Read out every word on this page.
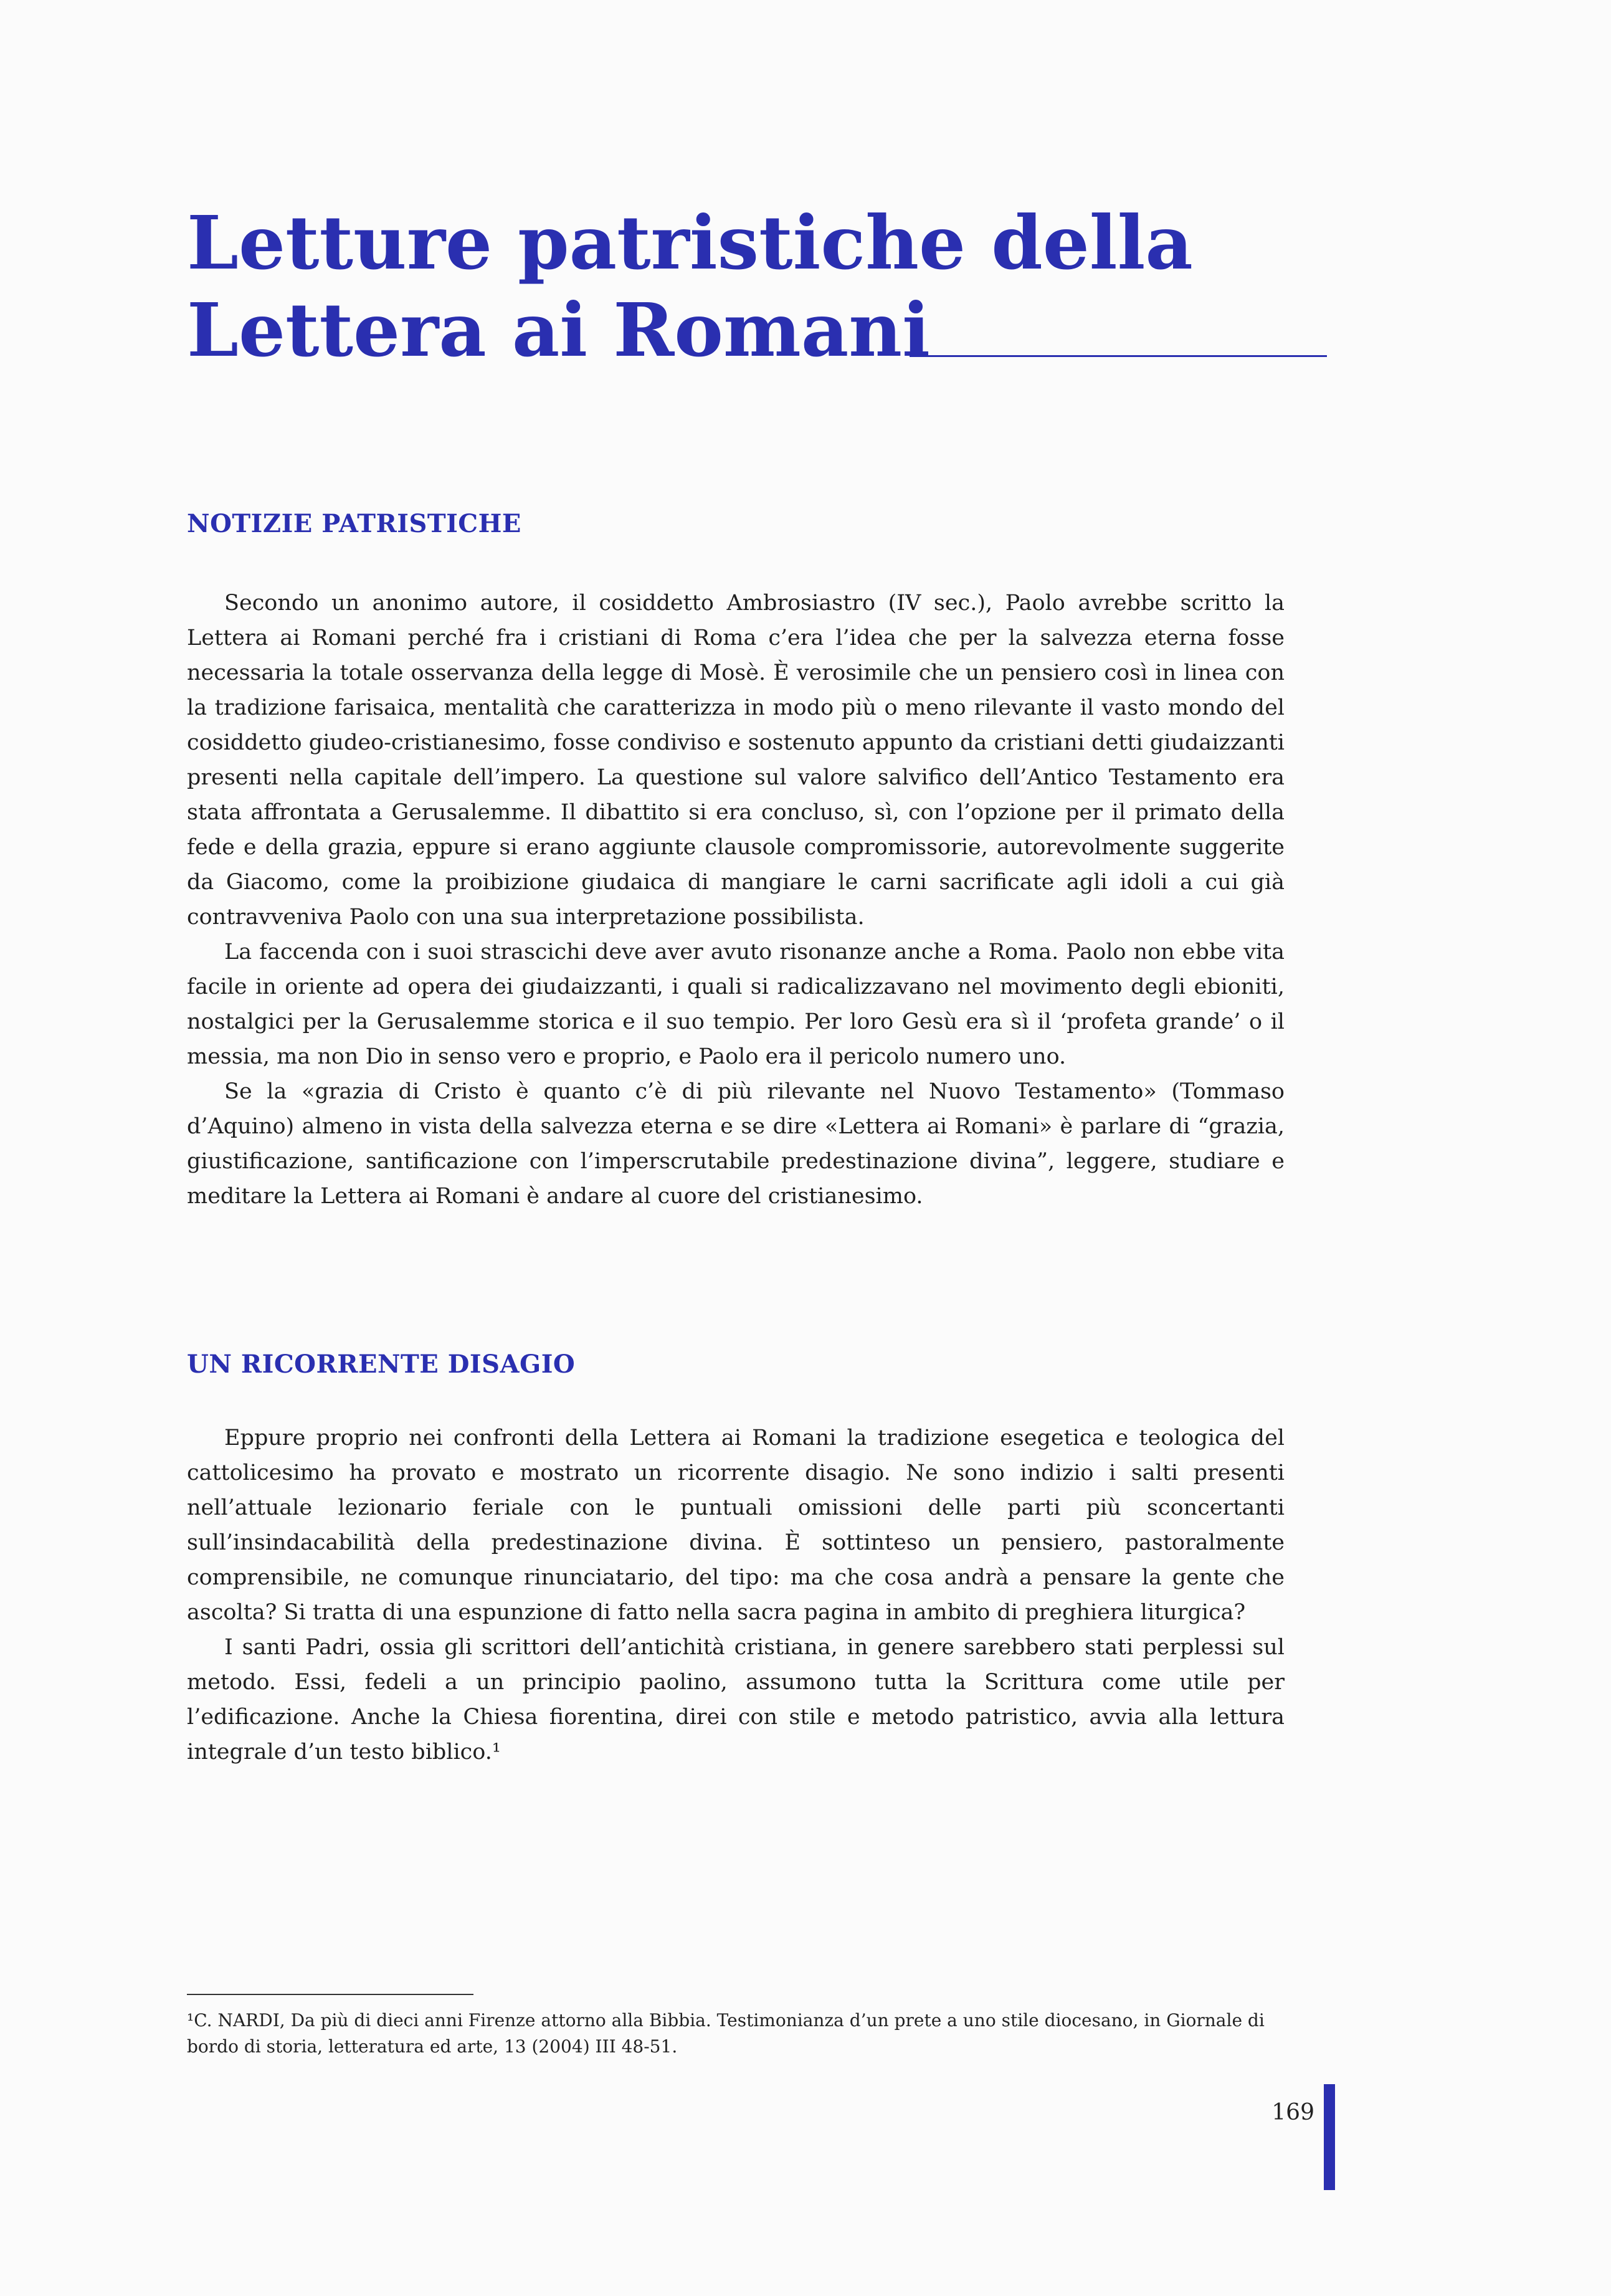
Letture patristiche della
Lettera ai Romani
NOTIZIE PATRISTICHE

Secondo un anonimo autore, il cosiddetto Ambrosiastro (IV sec.), Paolo avrebbe scritto la Lettera ai Romani perché fra i cristiani di Roma c’era l’idea che per la salvezza eterna fosse necessaria la totale osservanza della legge di Mosè. È verosimile che un pensiero così in linea con la tradizione farisaica, mentalità che caratterizza in modo più o meno rilevante il vasto mondo del cosiddetto giudeo-cristianesimo, fosse condiviso e sostenuto appunto da cristiani detti giudaizzanti presenti nella capitale dell’impero. La questione sul valore salvifico dell’Antico Testamento era stata affrontata a Gerusalemme. Il dibattito si era concluso, sì, con l’opzione per il primato della fede e della grazia, eppure si erano aggiunte clausole compromissorie, autorevolmente suggerite da Giacomo, come la proibizione giudaica di mangiare le carni sacrificate agli idoli a cui già contravveniva Paolo con una sua interpretazione possibilista.

La faccenda con i suoi strascichi deve aver avuto risonanze anche a Roma. Paolo non ebbe vita facile in oriente ad opera dei giudaizzanti, i quali si radicalizzavano nel movimento degli ebioniti, nostalgici per la Gerusalemme storica e il suo tempio. Per loro Gesù era sì il ‘profeta grande’ o il messia, ma non Dio in senso vero e proprio, e Paolo era il pericolo numero uno.

Se la «grazia di Cristo è quanto c’è di più rilevante nel Nuovo Testamento» (Tommaso d’Aquino) almeno in vista della salvezza eterna e se dire «Lettera ai Romani» è parlare di “grazia, giustificazione, santificazione con l’imperscrutabile predestinazione divina”, leggere, studiare e meditare la Lettera ai Romani è andare al cuore del cristianesimo.

UN RICORRENTE DISAGIO

Eppure proprio nei confronti della Lettera ai Romani la tradizione esegetica e teologica del cattolicesimo ha provato e mostrato un ricorrente disagio. Ne sono indizio i salti presenti nell’attuale lezionario feriale con le puntuali omissioni delle parti più sconcertanti sull’insindacabilità della predestinazione divina. È sottinteso un pensiero, pastoralmente comprensibile, ne comunque rinunciatario, del tipo: ma che cosa andrà a pensare la gente che ascolta? Si tratta di una espunzione di fatto nella sacra pagina in ambito di preghiera liturgica?

I santi Padri, ossia gli scrittori dell’antichità cristiana, in genere sarebbero stati perplessi sul metodo. Essi, fedeli a un principio paolino, assumono tutta la Scrittura come utile per l’edificazione. Anche la Chiesa fiorentina, direi con stile e metodo patristico, avvia alla lettura integrale d’un testo biblico.¹

¹C. NARDI, Da più di dieci anni Firenze attorno alla Bibbia. Testimonianza d’un prete a uno stile diocesano, in Giornale di bordo di storia, letteratura ed arte, 13 (2004) III 48-51.
169
